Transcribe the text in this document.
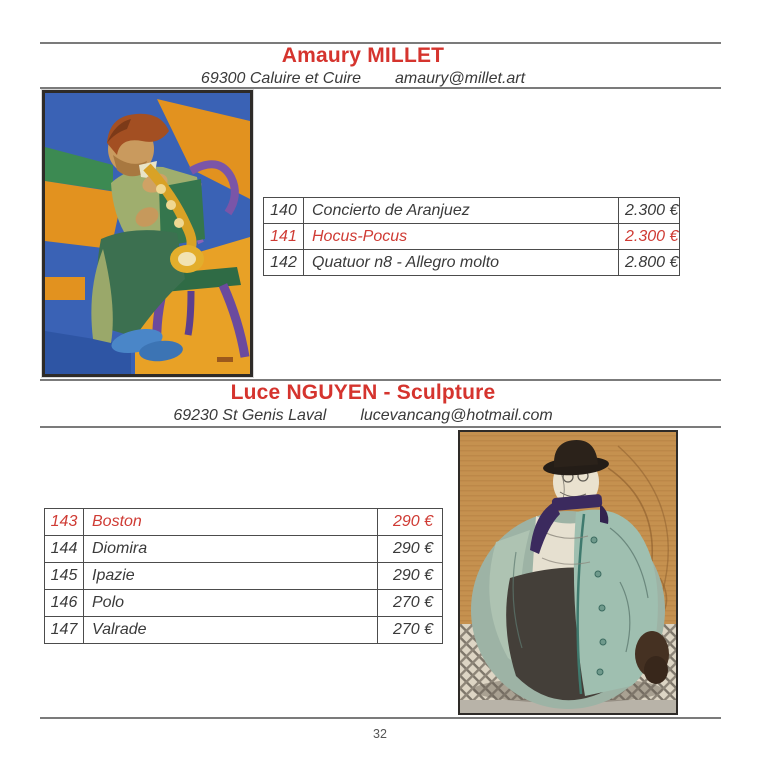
Amaury MILLET
69300 Caluire et Cuire amaury@millet.art
140	Concierto de Aranjuez	2.300 €
141	Hocus-Pocus	2.300 €
142	Quatuor n8 - Allegro molto	2.800 €
Luce NGUYEN - Sculpture
69230 St Genis Laval lucevancang@hotmail.com
143	Boston	290 €
144	Diomira	290 €
145	Ipazie	290 €
146	Polo	270 €
147	Valrade	270 €
32
